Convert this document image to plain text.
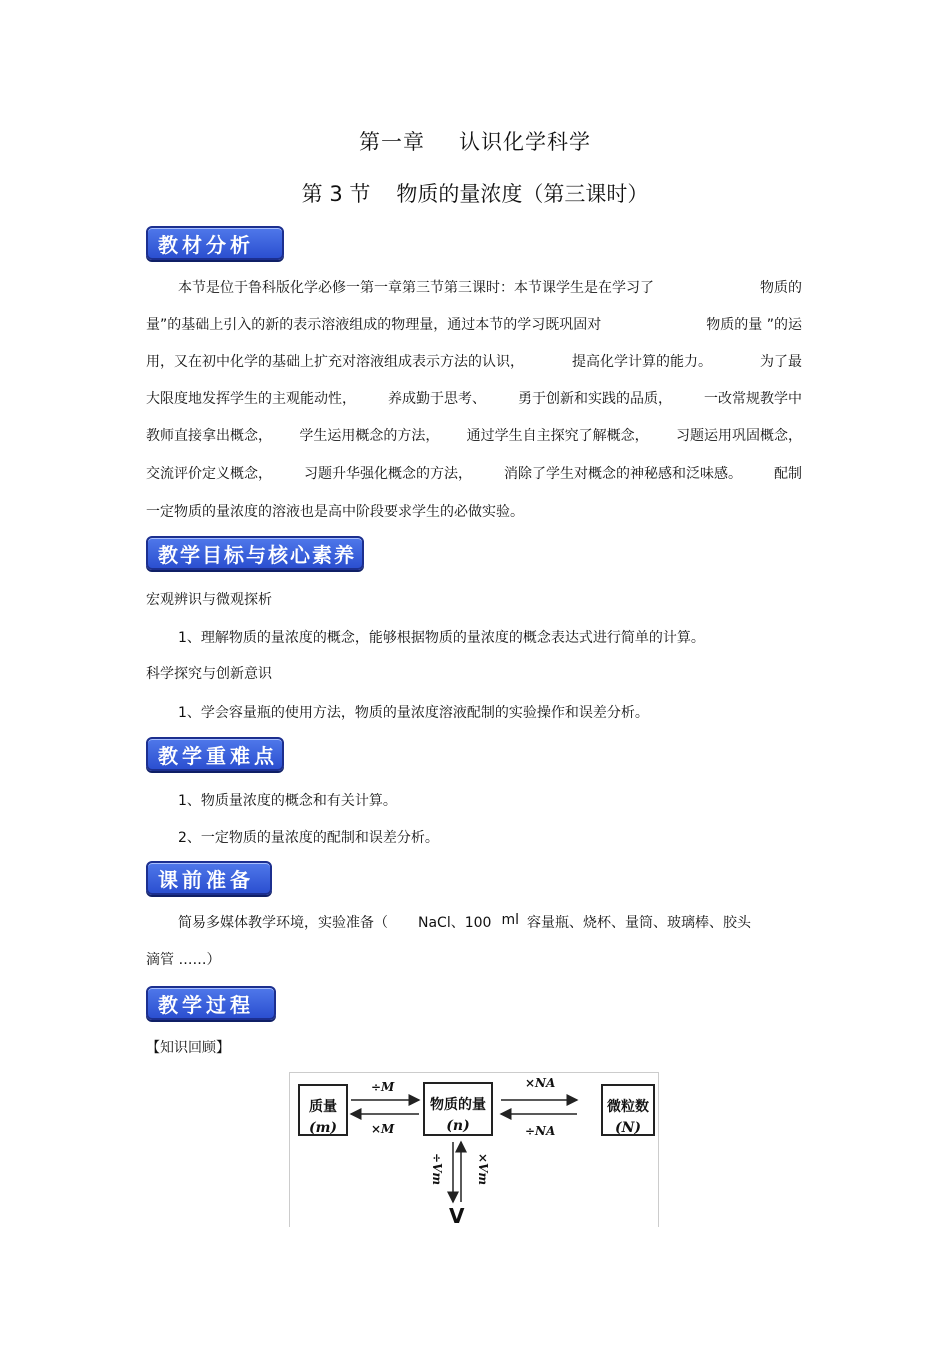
第一章 认识化学科学
第 3 节 物质的量浓度（第三课时）
教材分析
本节是位于鲁科版化学必修一第一章第三节第三课时：本节课学生是在学习了	物质的
量”的基础上引入的新的表示溶液组成的物理量，通过本节的学习既巩固对	物质的量 ”的运
用，又在初中化学的基础上扩充对溶液组成表示方法的认识，	提高化学计算的能力。	为了最
大限度地发挥学生的主观能动性， 养成勤于思考、 勇于创新和实践的品质， 一改常规教学中
教师直接拿出概念， 学生运用概念的方法， 通过学生自主探究了解概念， 习题运用巩固概念，
交流评价定义概念， 习题升华强化概念的方法， 消除了学生对概念的神秘感和泛味感。 配制
一定物质的量浓度的溶液也是高中阶段要求学生的必做实验。
教学目标与核心素养
宏观辨识与微观探析
1、理解物质的量浓度的概念，能够根据物质的量浓度的概念表达式进行简单的计算。
科学探究与创新意识
1、学会容量瓶的使用方法，物质的量浓度溶液配制的实验操作和误差分析。
教学重难点
1、物质量浓度的概念和有关计算。
2、一定物质的量浓度的配制和误差分析。
课前准备
简易多媒体教学环境，实验准备（ NaCl、100 ml 容量瓶、烧杯、量筒、玻璃棒、胶头
滴管 ……）
教学过程
【知识回顾】
质量
(m)
物质的量
(n)
微粒数
(N)
÷M
×M
×NA
÷NA
÷Vm	×Vm
V
